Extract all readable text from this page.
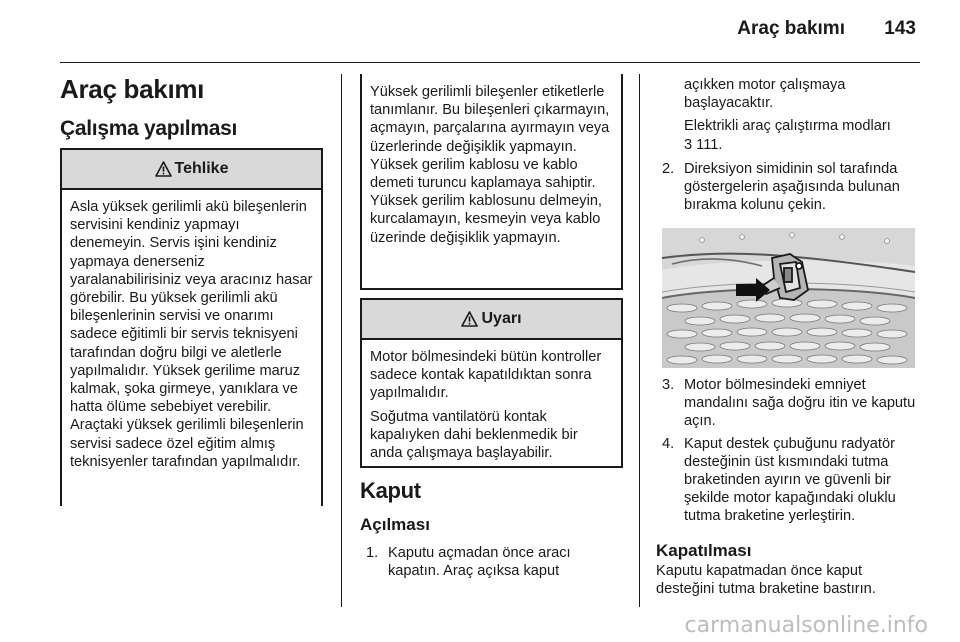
Araç bakımı 143
Araç bakımı
Çalışma yapılması
Tehlike

Asla yüksek gerilimli akü bileşenlerin servisini kendiniz yapmayı denemeyin. Servis işini kendiniz yapmaya denerseniz yaralanabilirisiniz veya aracınız hasar görebilir. Bu yüksek gerilimli akü bileşenlerinin servisi ve onarımı sadece eğitimli bir servis teknisyeni tarafından doğru bilgi ve aletlerle yapılmalıdır. Yüksek gerilime maruz kalmak, şoka girmeye, yanıklara ve hatta ölüme sebebiyet verebilir. Araçtaki yüksek gerilimli bileşenlerin servisi sadece özel eğitim almış teknisyenler tarafından yapılmalıdır.

Yüksek gerilimli bileşenler etiketlerle tanımlanır. Bu bileşenleri çıkarmayın, açmayın, parçalarına ayırmayın veya üzerlerinde değişiklik yapmayın. Yüksek gerilim kablosu ve kablo demeti turuncu kaplamaya sahiptir. Yüksek gerilim kablosunu delmeyin, kurcalamayın, kesmeyin veya kablo üzerinde değişiklik yapmayın.

Uyarı

Motor bölmesindeki bütün kontroller sadece kontak kapatıldıktan sonra yapılmalıdır.

Soğutma vantilatörü kontak kapalıyken dahi beklenmedik bir anda çalışmaya başlayabilir.

Kaput
Açılması
1. Kaputu açmadan önce aracı kapatın. Araç açıksa kaput

açıkken motor çalışmaya başlayacaktır.

Elektrikli araç çalıştırma modları
3 111.

2. Direksiyon simidinin sol tarafında göstergelerin aşağısında bulunan bırakma kolunu çekin.
3. Motor bölmesindeki emniyet mandalını sağa doğru itin ve kaputu açın.
4. Kaput destek çubuğunu radyatör desteğinin üst kısmındaki tutma braketinden ayırın ve güvenli bir şekilde motor kapağındaki oluklu tutma braketine yerleştirin.
Kapatılması
Kaputu kapatmadan önce kaput desteğini tutma braketine bastırın.
carmanualsonline.info
